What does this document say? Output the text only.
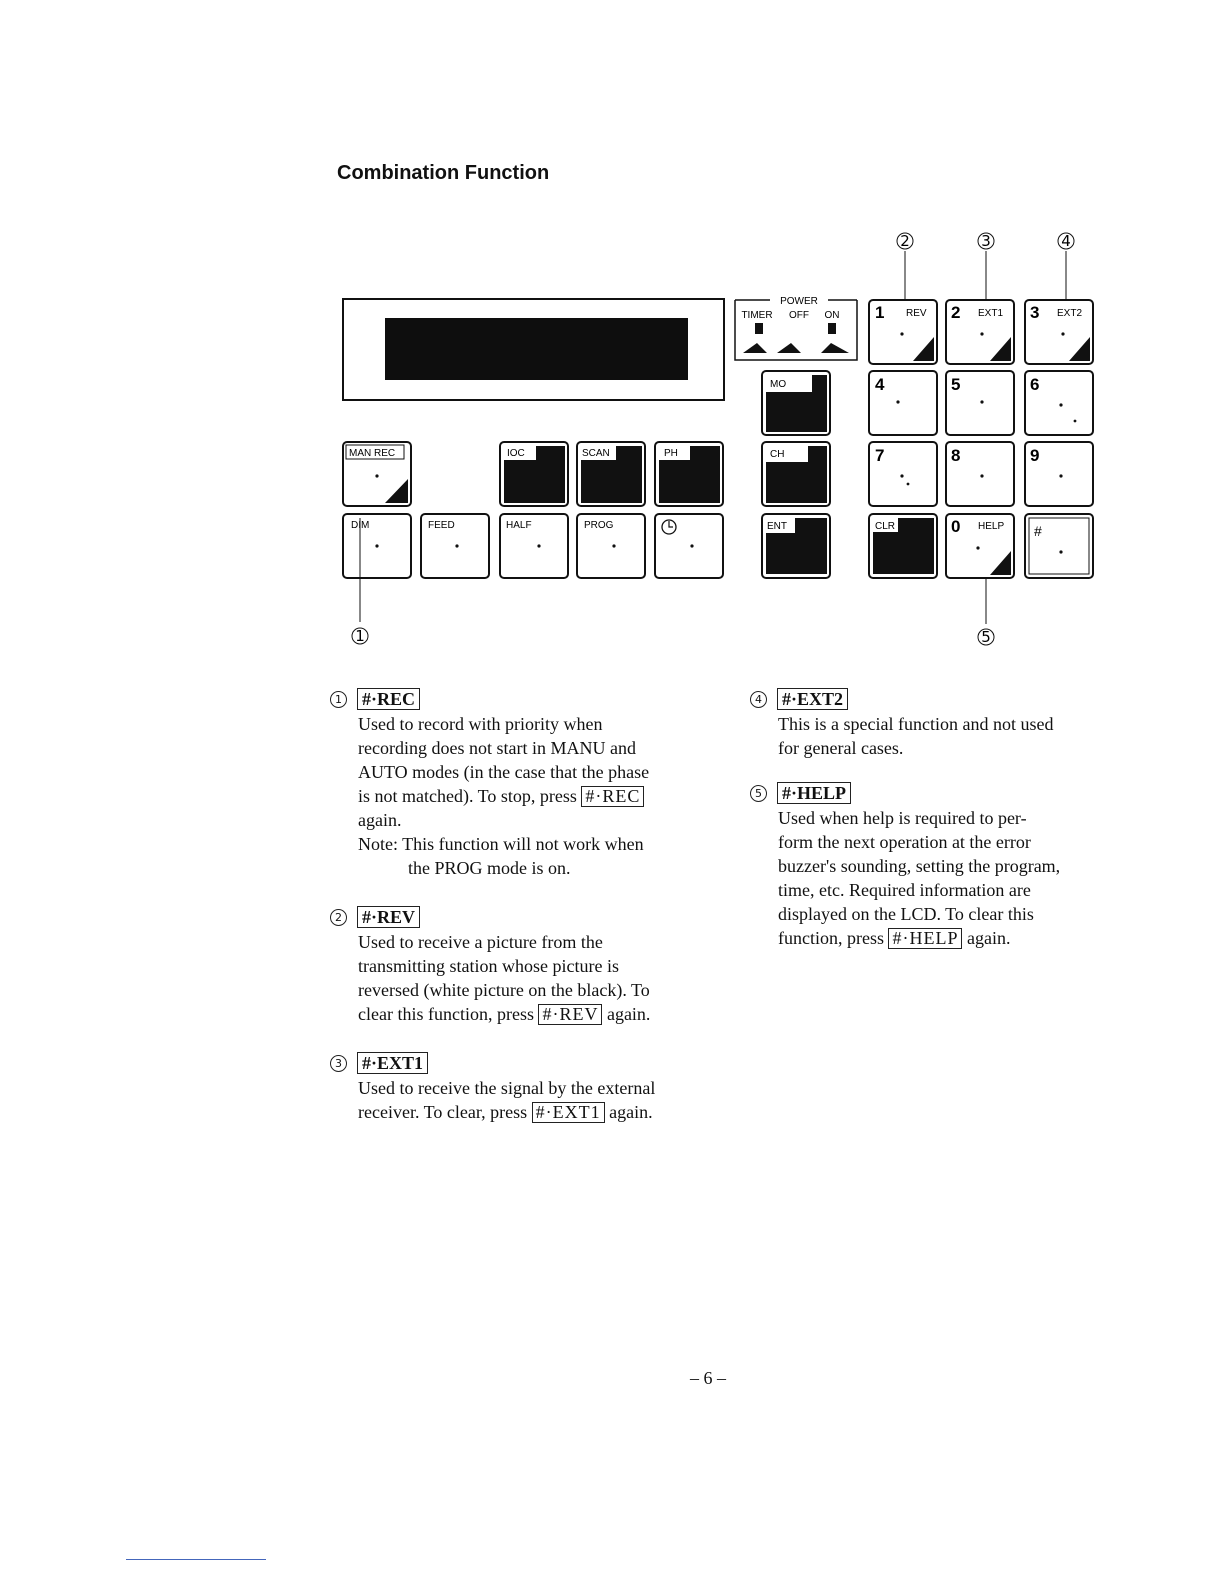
Combination Function
POWER
TIMER OFF ON 1 REV 2 EXT1 3 EXT2
MO	4	5	6
MAN REC	IOC	SCAN	PH	CH	7	8	9
DIM	FEED	HALF	PROG	ENT	CLR	0 HELP #
1
2	3	4
5
1 #·REC
Used to record with priority when
recording does not start in MANU and
AUTO modes (in the case that the phase
is not matched). To stop, press #·REC
again.
Note: This function will not work when
the PROG mode is on.
2 #·REV
Used to receive a picture from the
transmitting station whose picture is
reversed (white picture on the black). To
clear this function, press #·REV again.
3 #·EXT1
Used to receive the signal by the external
receiver. To clear, press #·EXT1 again.
4 #·EXT2
This is a special function and not used
for general cases.
5 #·HELP
Used when help is required to per-
form the next operation at the error
buzzer's sounding, setting the program,
time, etc. Required information are
displayed on the LCD. To clear this
function, press #·HELP again.
– 6 –
